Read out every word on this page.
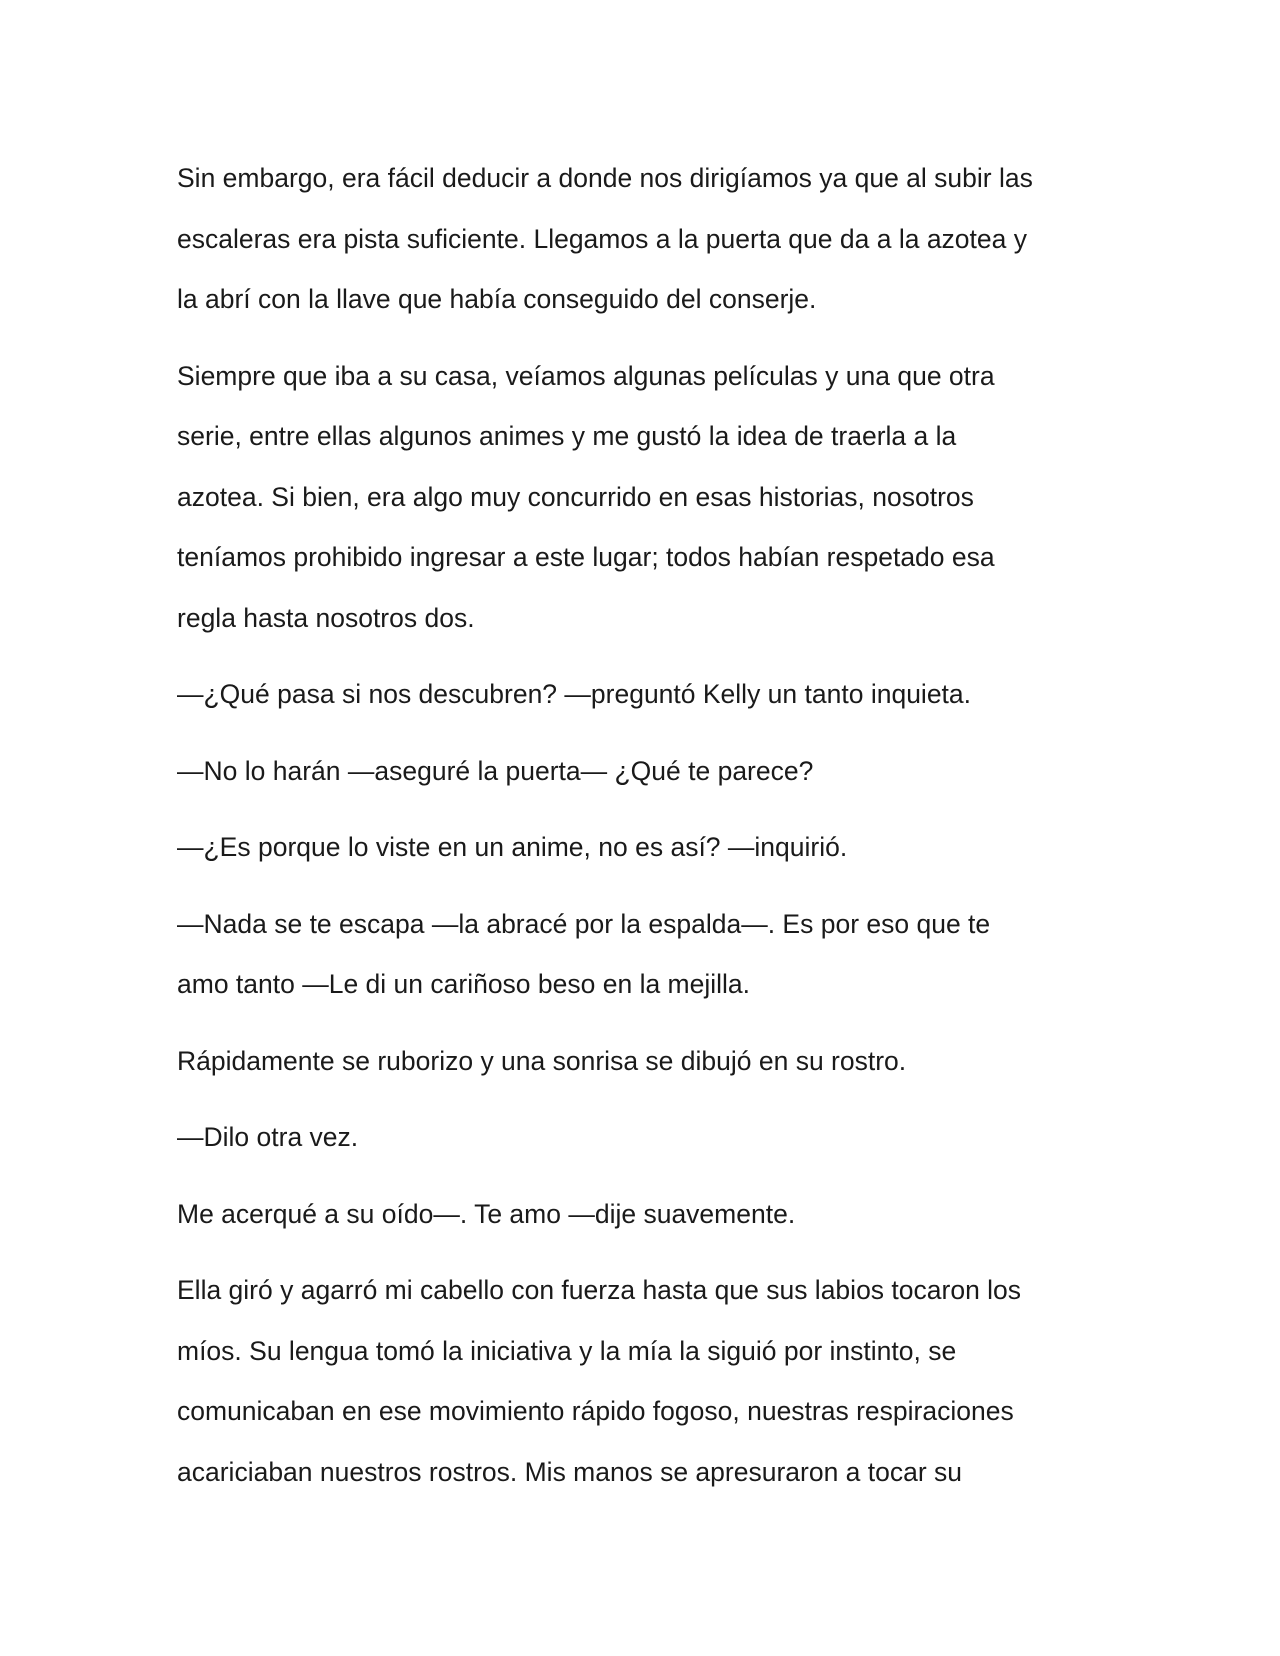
Sin embargo, era fácil deducir a donde nos dirigíamos ya que al subir las
escaleras era pista suficiente. Llegamos a la puerta que da a la azotea y
la abrí con la llave que había conseguido del conserje.

Siempre que iba a su casa, veíamos algunas películas y una que otra
serie, entre ellas algunos animes y me gustó la idea de traerla a la
azotea. Si bien, era algo muy concurrido en esas historias, nosotros
teníamos prohibido ingresar a este lugar; todos habían respetado esa
regla hasta nosotros dos.

—¿Qué pasa si nos descubren? —preguntó Kelly un tanto inquieta.

—No lo harán —aseguré la puerta— ¿Qué te parece?

—¿Es porque lo viste en un anime, no es así? —inquirió.

—Nada se te escapa —la abracé por la espalda—. Es por eso que te
amo tanto —Le di un cariñoso beso en la mejilla.

Rápidamente se ruborizo y una sonrisa se dibujó en su rostro.

—Dilo otra vez.

Me acerqué a su oído—. Te amo —dije suavemente.

Ella giró y agarró mi cabello con fuerza hasta que sus labios tocaron los
míos. Su lengua tomó la iniciativa y la mía la siguió por instinto, se
comunicaban en ese movimiento rápido fogoso, nuestras respiraciones
acariciaban nuestros rostros. Mis manos se apresuraron a tocar su
